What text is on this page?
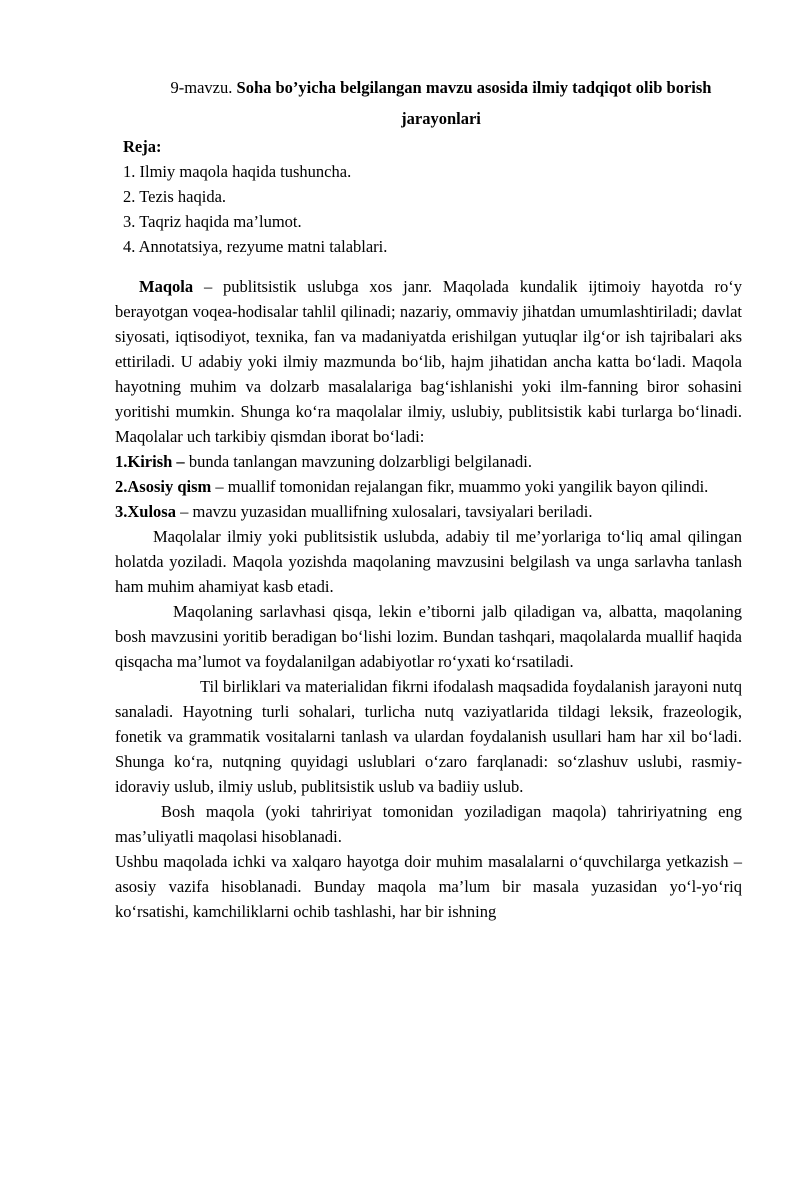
9-mavzu. Soha bo’yicha belgilangan mavzu asosida ilmiy tadqiqot olib borish jarayonlari
Reja:
1. Ilmiy maqola haqida tushuncha.
2. Tezis haqida.
3. Taqriz haqida ma’lumot.
4. Annotatsiya, rezyume matni talablari.

Maqola – publitsistik uslubga xos janr. Maqolada kundalik ijtimoiy hayotda ro‘y berayotgan voqea-hodisalar tahlil qilinadi; nazariy, ommaviy jihatdan umumlashtiriladi; davlat siyosati, iqtisodiyot, texnika, fan va madaniyatda erishilgan yutuqlar ilg‘or ish tajribalari aks ettiriladi. U adabiy yoki ilmiy mazmunda bo‘lib, hajm jihatidan ancha katta bo‘ladi. Maqola hayotning muhim va dolzarb masalalariga bag‘ishlanishi yoki ilm-fanning biror sohasini yoritishi mumkin. Shunga ko‘ra maqolalar ilmiy, uslubiy, publitsistik kabi turlarga bo‘linadi. Maqolalar uch tarkibiy qismdan iborat bo‘ladi:

1.Kirish – bunda tanlangan mavzuning dolzarbligi belgilanadi.

2.Asosiy qism – muallif tomonidan rejalangan fikr, muammo yoki yangilik bayon qilindi.

3.Xulosa – mavzu yuzasidan muallifning xulosalari, tavsiyalari beriladi.

Maqolalar ilmiy yoki publitsistik uslubda, adabiy til me’yorlariga to‘liq amal qilingan holatda yoziladi. Maqola yozishda maqolaning mavzusini belgilash va unga sarlavha tanlash ham muhim ahamiyat kasb etadi.

Maqolaning sarlavhasi qisqa, lekin e’tiborni jalb qiladigan va, albatta, maqolaning bosh mavzusini yoritib beradigan bo‘lishi lozim. Bundan tashqari, maqolalarda muallif haqida qisqacha ma’lumot va foydalanilgan adabiyotlar ro‘yxati ko‘rsatiladi.

Til birliklari va materialidan fikrni ifodalash maqsadida foydalanish jarayoni nutq sanaladi. Hayotning turli sohalari, turlicha nutq vaziyatlarida tildagi leksik, frazeologik, fonetik va grammatik vositalarni tanlash va ulardan foydalanish usullari ham har xil bo‘ladi. Shunga ko‘ra, nutqning quyidagi uslublari o‘zaro farqlanadi: so‘zlashuv uslubi, rasmiy-idoraviy uslub, ilmiy uslub, publitsistik uslub va badiiy uslub.

Bosh maqola (yoki tahririyat tomonidan yoziladigan maqola) tahririyatning eng mas’uliyatli maqolasi hisoblanadi.

Ushbu maqolada ichki va xalqaro hayotga doir muhim masalalarni o‘quvchilarga yetkazish – asosiy vazifa hisoblanadi. Bunday maqola ma’lum bir masala yuzasidan yo‘l-yo‘riq ko‘rsatishi, kamchiliklarni ochib tashlashi, har bir ishning
